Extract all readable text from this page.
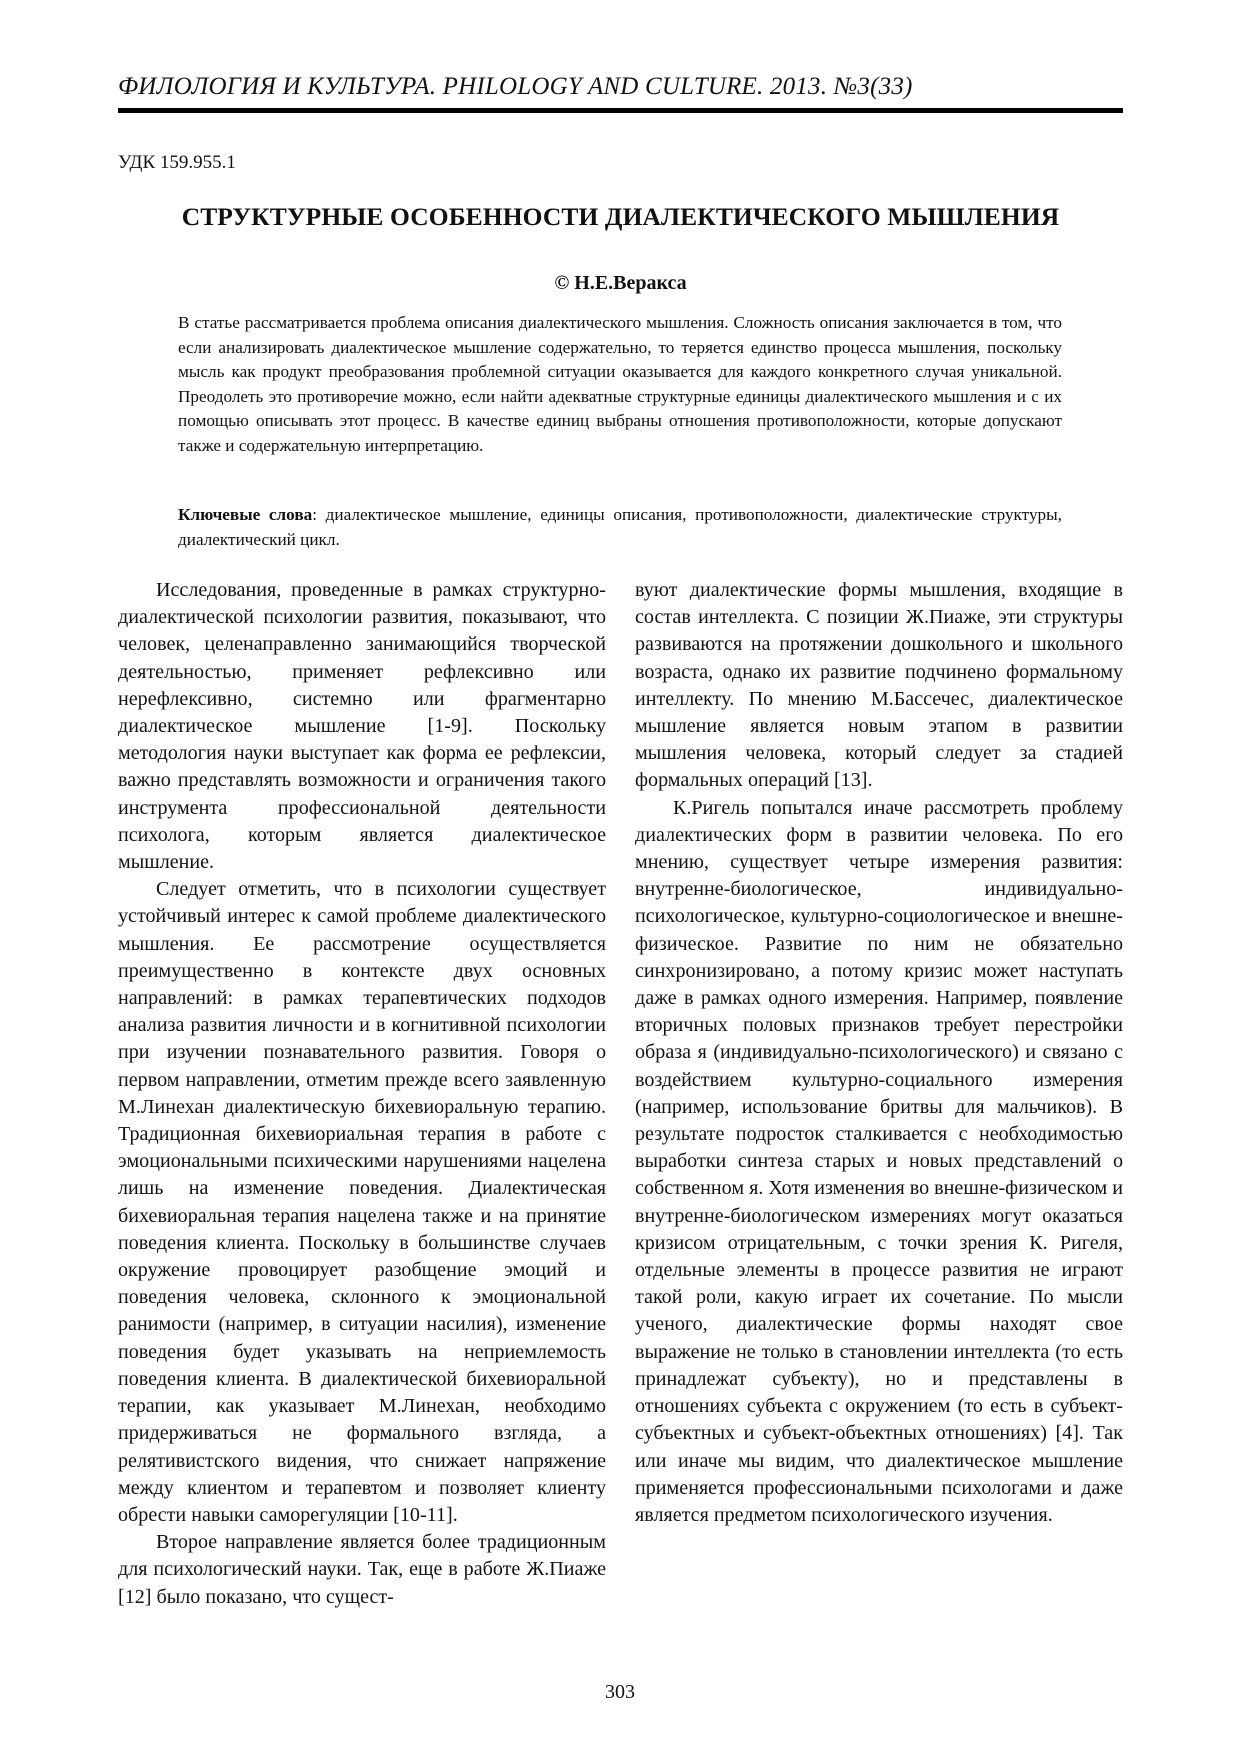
ФИЛОЛОГИЯ И КУЛЬТУРА. PHILOLOGY AND CULTURE. 2013. №3(33)
УДК 159.955.1
СТРУКТУРНЫЕ ОСОБЕННОСТИ ДИАЛЕКТИЧЕСКОГО МЫШЛЕНИЯ
© Н.Е.Веракса
В статье рассматривается проблема описания диалектического мышления. Сложность описания заключается в том, что если анализировать диалектическое мышление содержательно, то теряется единство процесса мышления, поскольку мысль как продукт преобразования проблемной ситуации оказывается для каждого конкретного случая уникальной. Преодолеть это противоречие можно, если найти адекватные структурные единицы диалектического мышления и с их помощью описывать этот процесс. В качестве единиц выбраны отношения противоположности, которые допускают также и содержательную интерпретацию.
Ключевые слова: диалектическое мышление, единицы описания, противоположности, диалектические структуры, диалектический цикл.

Исследования, проведенные в рамках структурно-диалектической психологии развития, показывают, что человек, целенаправленно занимающийся творческой деятельностью, применяет рефлексивно или нерефлексивно, системно или фрагментарно диалектическое мышление [1-9]. Поскольку методология науки выступает как форма ее рефлексии, важно представлять возможности и ограничения такого инструмента профессиональной деятельности психолога, которым является диалектическое мышление.

Следует отметить, что в психологии существует устойчивый интерес к самой проблеме диалектического мышления. Ее рассмотрение осуществляется преимущественно в контексте двух основных направлений: в рамках терапевтических подходов анализа развития личности и в когнитивной психологии при изучении познавательного развития. Говоря о первом направлении, отметим прежде всего заявленную М.Линехан диалектическую бихевиоральную терапию. Традиционная бихевиориальная терапия в работе с эмоциональными психическими нарушениями нацелена лишь на изменение поведения. Диалектическая бихевиоральная терапия нацелена также и на принятие поведения клиента. Поскольку в большинстве случаев окружение провоцирует разобщение эмоций и поведения человека, склонного к эмоциональной ранимости (например, в ситуации насилия), изменение поведения будет указывать на неприемлемость поведения клиента. В диалектической бихевиоральной терапии, как указывает М.Линехан, необходимо придерживаться не формального взгляда, а релятивистского видения, что снижает напряжение между клиентом и терапевтом и позволяет клиенту обрести навыки саморегуляции [10-11].

Второе направление является более традиционным для психологический науки. Так, еще в работе Ж.Пиаже [12] было показано, что сущест-

вуют диалектические формы мышления, входящие в состав интеллекта. С позиции Ж.Пиаже, эти структуры развиваются на протяжении дошкольного и школьного возраста, однако их развитие подчинено формальному интеллекту. По мнению М.Бассечес, диалектическое мышление является новым этапом в развитии мышления человека, который следует за стадией формальных операций [13].

К.Ригель попытался иначе рассмотреть проблему диалектических форм в развитии человека. По его мнению, существует четыре измерения развития: внутренне-биологическое, индивидуально-психологическое, культурно-социологическое и внешне-физическое. Развитие по ним не обязательно синхронизировано, а потому кризис может наступать даже в рамках одного измерения. Например, появление вторичных половых признаков требует перестройки образа я (индивидуально-психологического) и связано с воздействием культурно-социального измерения (например, использование бритвы для мальчиков). В результате подросток сталкивается с необходимостью выработки синтеза старых и новых представлений о собственном я. Хотя изменения во внешне-физическом и внутренне-биологическом измерениях могут оказаться кризисом отрицательным, с точки зрения К. Ригеля, отдельные элементы в процессе развития не играют такой роли, какую играет их сочетание. По мысли ученого, диалектические формы находят свое выражение не только в становлении интеллекта (то есть принадлежат субъекту), но и представлены в отношениях субъекта с окружением (то есть в субъект-субъектных и субъект-объектных отношениях) [4]. Так или иначе мы видим, что диалектическое мышление применяется профессиональными психологами и даже является предметом психологического изучения.

303
